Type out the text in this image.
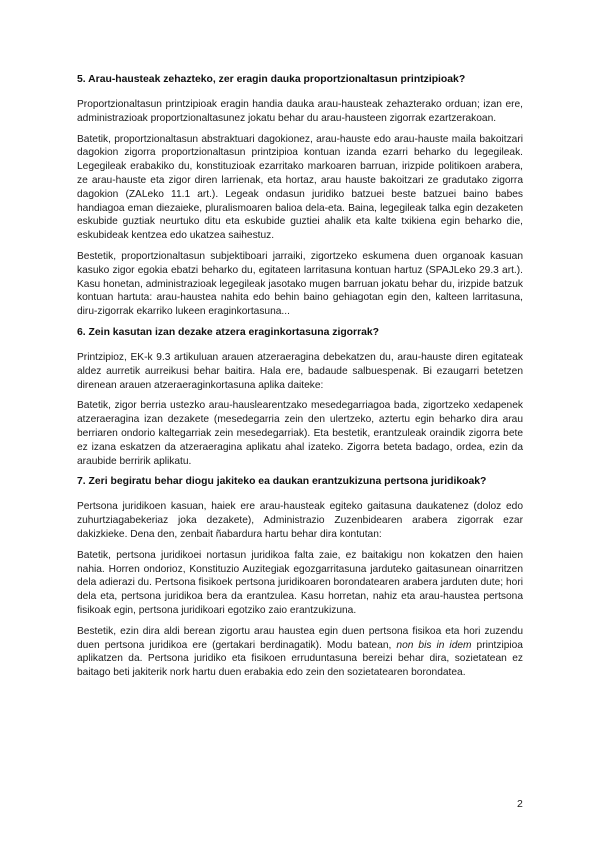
5. Arau-hausteak zehazteko, zer eragin dauka proportzionaltasun printzipioak?

Proportzionaltasun printzipioak eragin handia dauka arau-hausteak zehazterako orduan; izan ere, administrazioak proportzionaltasunez jokatu behar du arau-hausteen zigorrak ezartzerakoan.

Batetik, proportzionaltasun abstraktuari dagokionez, arau-hauste edo arau-hauste maila bakoitzari dagokion zigorra proportzionaltasun printzipioa kontuan izanda ezarri beharko du legegileak. Legegileak erabakiko du, konstituzioak ezarritako markoaren barruan, irizpide politikoen arabera, ze arau-hauste eta zigor diren larrienak, eta hortaz, arau hauste bakoitzari ze gradutako zigorra dagokion (ZALeko 11.1 art.). Legeak ondasun juridiko batzuei beste batzuei baino babes handiagoa eman diezaieke, pluralismoaren balioa dela-eta. Baina, legegileak talka egin dezaketen eskubide guztiak neurtuko ditu eta eskubide guztiei ahalik eta kalte txikiena egin beharko die, eskubideak kentzea edo ukatzea saihestuz.

Bestetik, proportzionaltasun subjektiboari jarraiki, zigortzeko eskumena duen organoak kasuan kasuko zigor egokia ebatzi beharko du, egitateen larritasuna kontuan hartuz (SPAJLeko 29.3 art.). Kasu honetan, administrazioak legegileak jasotako mugen barruan jokatu behar du, irizpide batzuk kontuan hartuta: arau-haustea nahita edo behin baino gehiagotan egin den, kalteen larritasuna, diru-zigorrak ekarriko lukeen eraginkortasuna...

6. Zein kasutan izan dezake atzera eraginkortasuna zigorrak?

Printzipioz, EK-k 9.3 artikuluan arauen atzeraeragina debekatzen du, arau-hauste diren egitateak aldez aurretik aurreikusi behar baitira. Hala ere, badaude salbuespenak. Bi ezaugarri betetzen direnean arauen atzeraeraginkortasuna aplika daiteke:

Batetik, zigor berria ustezko arau-hauslearentzako mesedegarriagoa bada, zigortzeko xedapenek atzeraeragina izan dezakete (mesedegarria zein den ulertzeko, aztertu egin beharko dira arau berriaren ondorio kaltegarriak zein mesedegarriak). Eta bestetik, erantzuleak oraindik zigorra bete ez izana eskatzen da atzeraeragina aplikatu ahal izateko. Zigorra beteta badago, ordea, ezin da araubide berririk aplikatu.

7. Zeri begiratu behar diogu jakiteko ea daukan erantzukizuna pertsona juridikoak?

Pertsona juridikoen kasuan, haiek ere arau-hausteak egiteko gaitasuna daukatenez (doloz edo zuhurtziagabekeriaz joka dezakete), Administrazio Zuzenbidearen arabera zigorrak ezar dakizkieke. Dena den, zenbait ñabardura hartu behar dira kontutan:

Batetik, pertsona juridikoei nortasun juridikoa falta zaie, ez baitakigu non kokatzen den haien nahia. Horren ondorioz, Konstituzio Auzitegiak egozgarritasuna jarduteko gaitasunean oinarritzen dela adierazi du. Pertsona fisikoek pertsona juridikoaren borondatearen arabera jarduten dute; hori dela eta, pertsona juridikoa bera da erantzulea. Kasu horretan, nahiz eta arau-haustea pertsona fisikoak egin, pertsona juridikoari egotziko zaio erantzukizuna.

Bestetik, ezin dira aldi berean zigortu arau haustea egin duen pertsona fisikoa eta hori zuzendu duen pertsona juridikoa ere (gertakari berdinagatik). Modu batean, non bis in idem printzipioa aplikatzen da. Pertsona juridiko eta fisikoen erruduntasuna bereizi behar dira, sozietatean ez baitago beti jakiterik nork hartu duen erabakia edo zein den sozietatearen borondatea.

2
